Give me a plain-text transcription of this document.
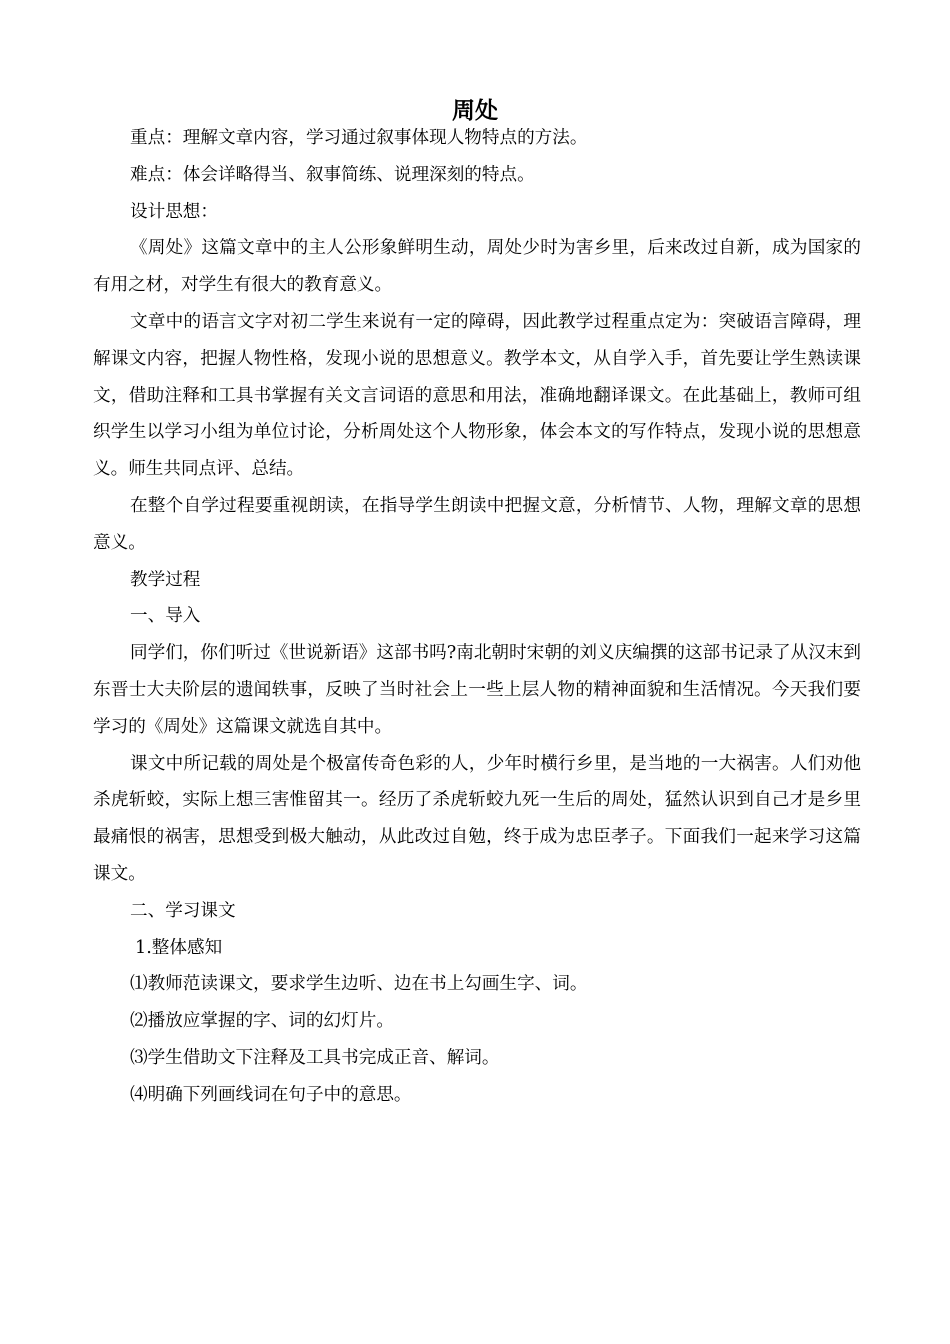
周处

重点：理解文章内容，学习通过叙事体现人物特点的方法。

难点：体会详略得当、叙事简练、说理深刻的特点。

设计思想：

《周处》这篇文章中的主人公形象鲜明生动，周处少时为害乡里，后来改过自新，成为国家的有用之材，对学生有很大的教育意义。

文章中的语言文字对初二学生来说有一定的障碍，因此教学过程重点定为：突破语言障碍，理解课文内容，把握人物性格，发现小说的思想意义。教学本文，从自学入手，首先要让学生熟读课文，借助注释和工具书掌握有关文言词语的意思和用法，准确地翻译课文。在此基础上，教师可组织学生以学习小组为单位讨论，分析周处这个人物形象，体会本文的写作特点，发现小说的思想意义。师生共同点评、总结。

在整个自学过程要重视朗读，在指导学生朗读中把握文意，分析情节、人物，理解文章的思想意义。

教学过程

一、导入

同学们，你们听过《世说新语》这部书吗?南北朝时宋朝的刘义庆编撰的这部书记录了从汉末到东晋士大夫阶层的遗闻轶事，反映了当时社会上一些上层人物的精神面貌和生活情况。今天我们要学习的《周处》这篇课文就选自其中。

课文中所记载的周处是个极富传奇色彩的人，少年时横行乡里，是当地的一大祸害。人们劝他杀虎斩蛟，实际上想三害惟留其一。经历了杀虎斩蛟九死一生后的周处，猛然认识到自己才是乡里最痛恨的祸害，思想受到极大触动，从此改过自勉，终于成为忠臣孝子。下面我们一起来学习这篇课文。

二、学习课文

1.整体感知

⑴教师范读课文，要求学生边听、边在书上勾画生字、词。

⑵播放应掌握的字、词的幻灯片。

⑶学生借助文下注释及工具书完成正音、解词。

⑷明确下列画线词在句子中的意思。
